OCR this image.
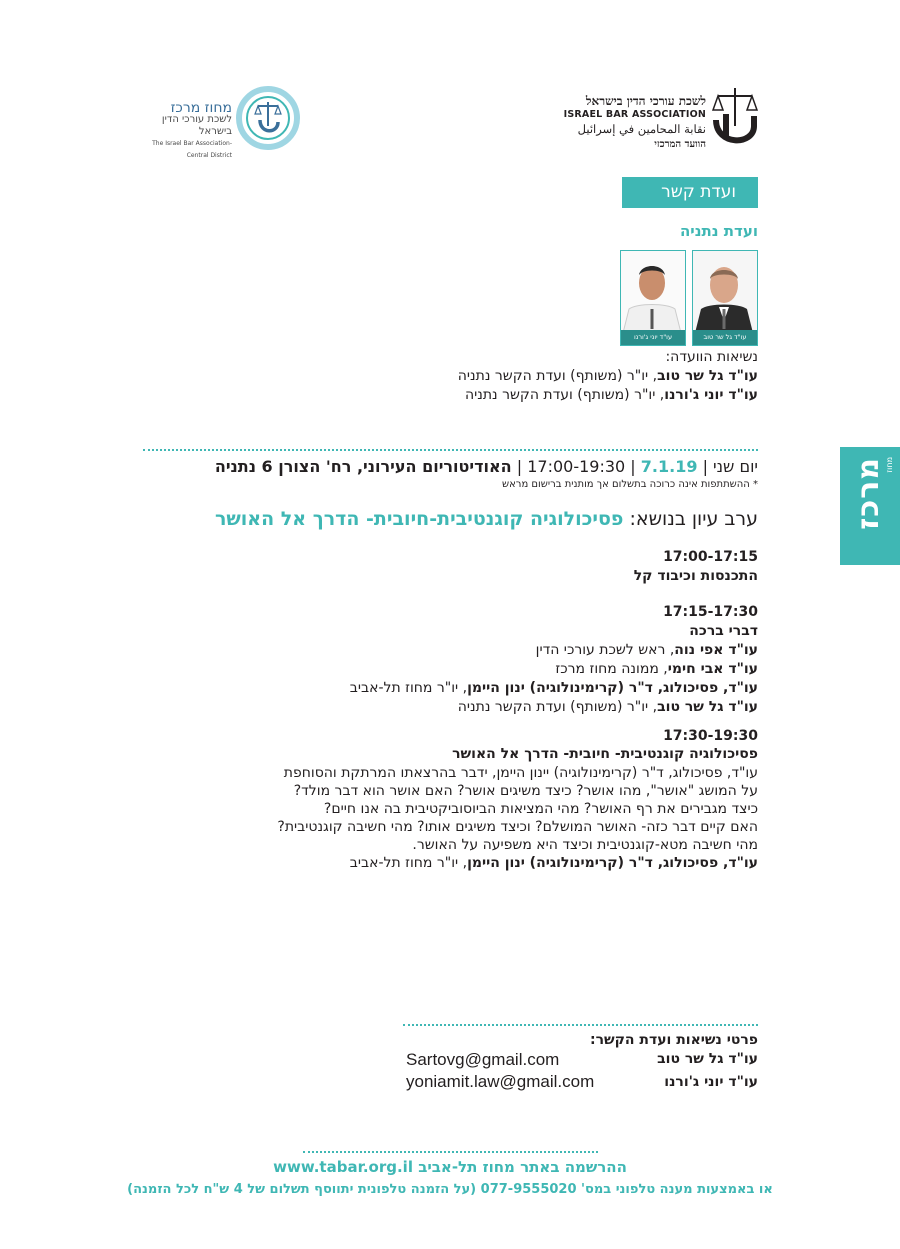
לשכת עורכי הדין בישראל
ISRAEL BAR ASSOCIATION
نقابة المحامين في إسرائيل
הוועד המרכזי
מחוז מרכז
לשכת עורכי הדין בישראל
The Israel Bar Association-Central District
ועדת קשר
ועדת נתניה
עו"ד גל שר טוב
עו"ד יוני ג'ורנו
נשיאות הוועדה:
עו"ד גל שר טוב, יו"ר (משותף) ועדת הקשר נתניה
עו"ד יוני ג'ורנו, יו"ר (משותף) ועדת הקשר נתניה
יום שני | 7.1.19 | 17:00-19:30 | האודיטוריום העירוני, רח' הצורן 6 נתניה
* ההשתתפות אינה כרוכה בתשלום אך מותנית ברישום מראש
מחוז
מרכז
ערב עיון בנושא: פסיכולוגיה קוגנטיבית-חיובית- הדרך אל האושר
17:00-17:15
התכנסות וכיבוד קל
17:15-17:30
דברי ברכה
עו"ד אפי נוה, ראש לשכת עורכי הדין
עו"ד אבי חימי, ממונה מחוז מרכז
עו"ד, פסיכולוג, ד"ר (קרימינולוגיה) ינון היימן, יו"ר מחוז תל-אביב
עו"ד גל שר טוב, יו"ר (משותף) ועדת הקשר נתניה
17:30-19:30
פסיכולוגיה קוגנטיבית- חיובית- הדרך אל האושר
עו"ד, פסיכולוג, ד"ר (קרימינולוגיה) יינון היימן, ידבר בהרצאתו המרתקת והסוחפת
על המושג "אושר", מהו אושר? כיצד משיגים אושר? האם אושר הוא דבר מולד?
כיצד מגבירים את רף האושר? מהי המציאות הביוסוביקטיבית בה אנו חיים?
האם קיים דבר כזה- האושר המושלם? וכיצד משיגים אותו? מהי חשיבה קוגנטיבית?
מהי חשיבה מטא-קוגנטיבית וכיצד היא משפיעה על האושר.
עו"ד, פסיכולוג, ד"ר (קרימינולוגיה) ינון היימן, יו"ר מחוז תל-אביב
פרטי נשיאות ועדת הקשר:
עו"ד גל שר טוב
Sartovg@gmail.com
עו"ד יוני ג'ורנו
yoniamit.law@gmail.com
ההרשמה באתר מחוז תל-אביב www.tabar.org.il
או באמצעות מענה טלפוני במס' 077-9555020 (על הזמנה טלפונית יתווסף תשלום של 4 ש"ח לכל הזמנה)
